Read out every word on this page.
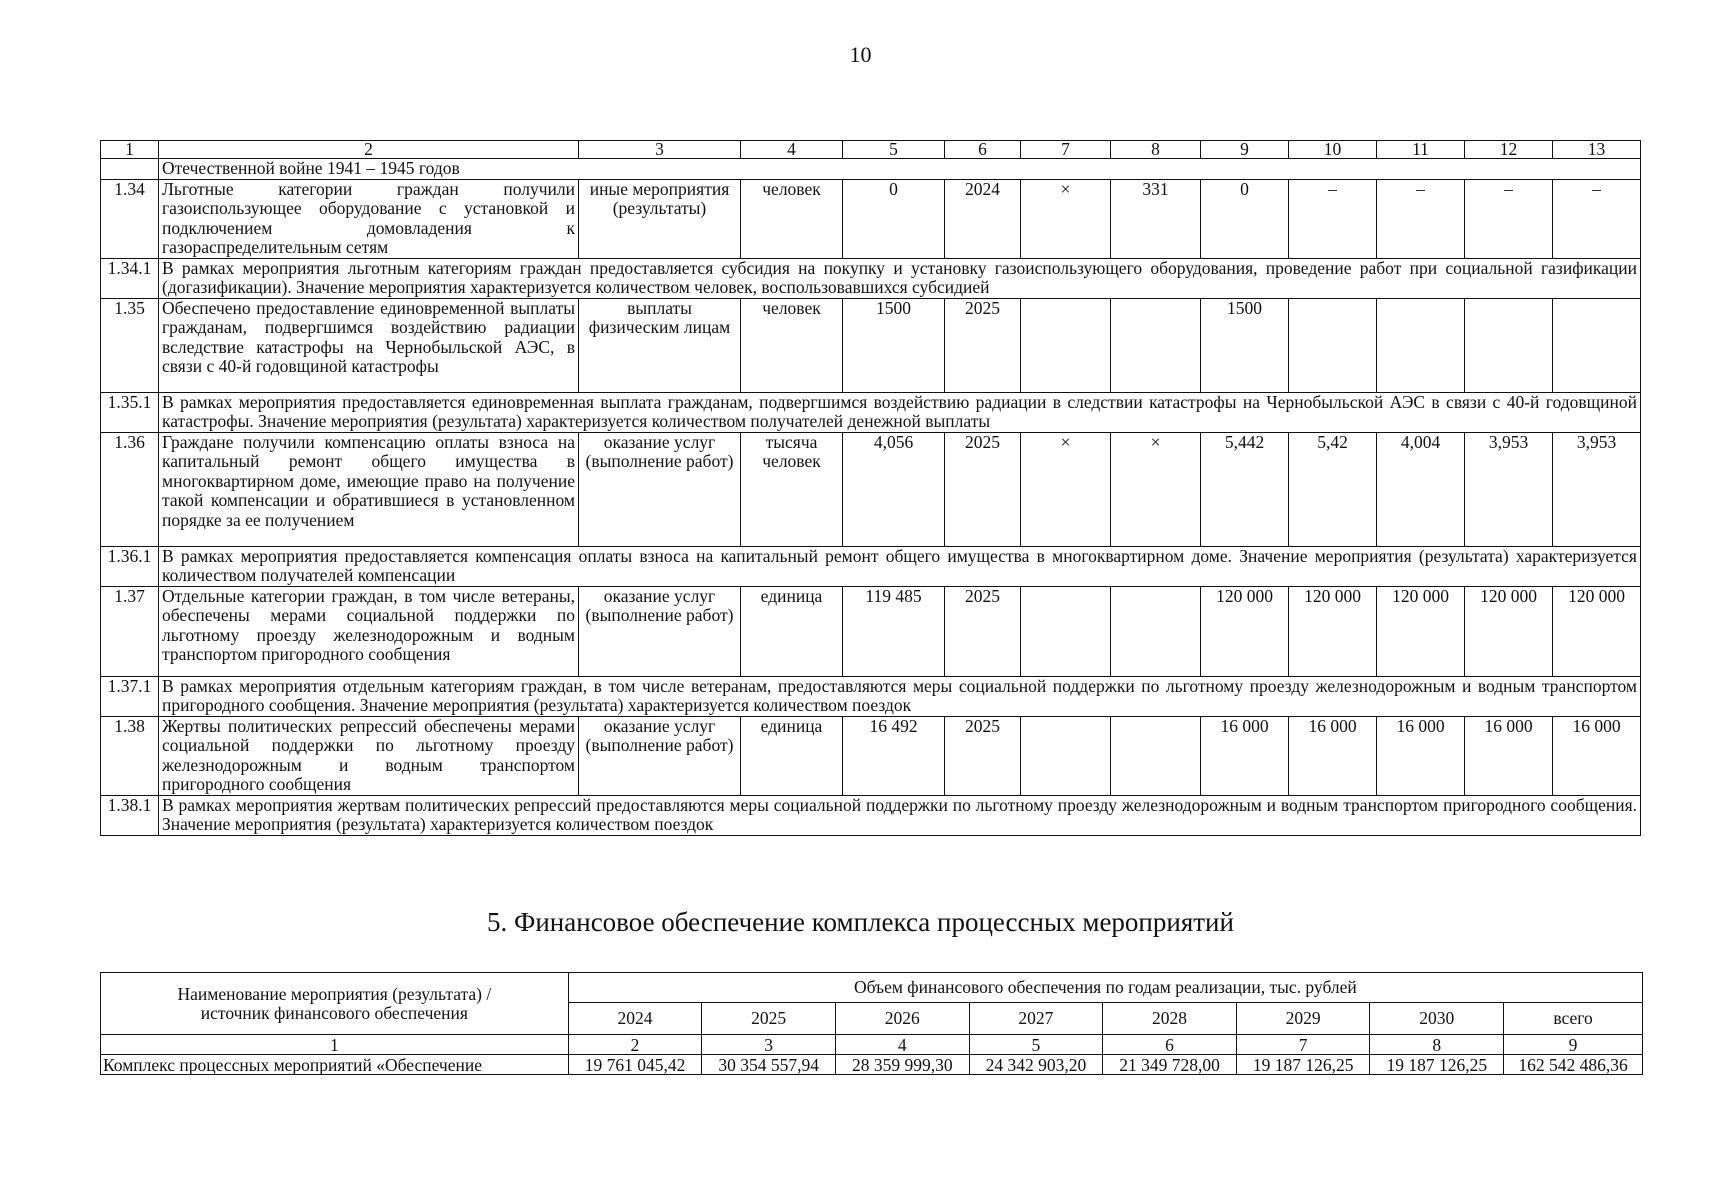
10
1	2	3	4	5	6	7	8	9	10	11	12	13
	Отечественной войне 1941 – 1945 годов											
1.34	Льготные категории граждан получили газоиспользующее оборудование с установкой и подключением домовладения к газораспределительным сетям	иные мероприятия (результаты)	человек	0	2024	×	331	0	–	–	–	–
1.34.1	В рамках мероприятия льготным категориям граждан предоставляется субсидия на покупку и установку газоиспользующего оборудования, проведение работ при социальной газификации (догазификации). Значение мероприятия характеризуется количеством человек, воспользовавшихся субсидией											
1.35	Обеспечено предоставление единовременной выплаты гражданам, подвергшимся воздействию радиации вследствие катастрофы на Чернобыльской АЭС, в связи с 40-й годовщиной катастрофы	выплаты физическим лицам	человек	1500	2025			1500				
1.35.1	В рамках мероприятия предоставляется единовременная выплата гражданам, подвергшимся воздействию радиации в следствии катастрофы на Чернобыльской АЭС в связи с 40-й годовщиной катастрофы. Значение мероприятия (результата) характеризуется количеством получателей денежной выплаты											
1.36	Граждане получили компенсацию оплаты взноса на капитальный ремонт общего имущества в многоквартирном доме, имеющие право на получение такой компенсации и обратившиеся в установленном порядке за ее получением	оказание услуг (выполнение работ)	тысяча человек	4,056	2025	×	×	5,442	5,42	4,004	3,953	3,953
1.36.1	В рамках мероприятия предоставляется компенсация оплаты взноса на капитальный ремонт общего имущества в многоквартирном доме. Значение мероприятия (результата) характеризуется количеством получателей компенсации											
1.37	Отдельные категории граждан, в том числе ветераны, обеспечены мерами социальной поддержки по льготному проезду железнодорожным и водным транспортом пригородного сообщения	оказание услуг (выполнение работ)	единица	119 485	2025			120 000	120 000	120 000	120 000	120 000
1.37.1	В рамках мероприятия отдельным категориям граждан, в том числе ветеранам, предоставляются меры социальной поддержки по льготному проезду железнодорожным и водным транспортом пригородного сообщения. Значение мероприятия (результата) характеризуется количеством поездок											
1.38	Жертвы политических репрессий обеспечены мерами социальной поддержки по льготному проезду железнодорожным и водным транспортом пригородного сообщения	оказание услуг (выполнение работ)	единица	16 492	2025			16 000	16 000	16 000	16 000	16 000
1.38.1	В рамках мероприятия жертвам политических репрессий предоставляются меры социальной поддержки по льготному проезду железнодорожным и водным транспортом пригородного сообщения. Значение мероприятия (результата) характеризуется количеством поездок											
5. Финансовое обеспечение комплекса процессных мероприятий
Наименование мероприятия (результата) / источник финансового обеспечения	Объем финансового обеспечения по годам реализации, тыс. рублей							
	2024	2025	2026	2027	2028	2029	2030	всего
1	2	3	4	5	6	7	8	9
Комплекс процессных мероприятий «Обеспечение	19 761 045,42	30 354 557,94	28 359 999,30	24 342 903,20	21 349 728,00	19 187 126,25	19 187 126,25	162 542 486,36
